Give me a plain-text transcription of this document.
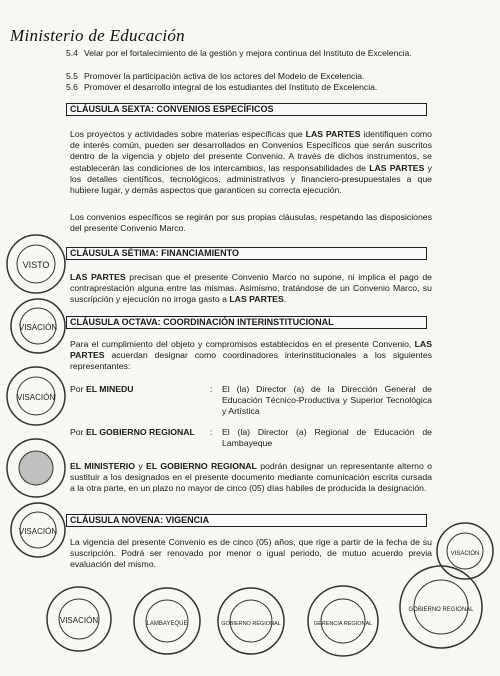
Ministerio de Educación
5.4 Velar por el fortalecimiento de la gestión y mejora continua del Instituto de Excelencia.
5.5 Promover la participación activa de los actores del Modelo de Excelencia.
5.6 Promover el desarrollo integral de los estudiantes del Instituto de Excelencia.
CLÁUSULA SEXTA: CONVENIOS ESPECÍFICOS
Los proyectos y actividades sobre materias específicas que LAS PARTES identifiquen como de interés común, pueden ser desarrollados en Convenios Específicos que serán suscritos dentro de la vigencia y objeto del presente Convenio. A través de dichos instrumentos, se establecerán las condiciones de los intercambios, las responsabilidades de LAS PARTES y los detalles científicos, tecnológicos, administrativos y financiero-presupuestales a que hubiere lugar, y demás aspectos que garanticen su correcta ejecución.
Los convenios específicos se regirán por sus propias cláusulas, respetando las disposiciones del presente Convenio Marco.
CLÁUSULA SÉTIMA: FINANCIAMIENTO
LAS PARTES precisan que el presente Convenio Marco no supone, ni implica el pago de contraprestación alguna entre las mismas. Asimismo, tratándose de un Convenio Marco, su suscripción y ejecución no irroga gasto a LAS PARTES.
CLÁUSULA OCTAVA: COORDINACIÓN INTERINSTITUCIONAL
Para el cumplimiento del objeto y compromisos establecidos en el presente Convenio, LAS PARTES acuerdan designar como coordinadores interinstitucionales a los siguientes representantes:
Por EL MINEDU	: El (la) Director (a) de la Dirección General de Educación Técnico-Productiva y Superior Tecnológica y Artística
Por EL GOBIERNO REGIONAL : El (la) Director (a) Regional de Educación de Lambayeque
EL MINISTERIO y EL GOBIERNO REGIONAL podrán designar un representante alterno o sustituir a los designados en el presente documento mediante comunicación escrita cursada a la otra parte, en un plazo no mayor de cinco (05) días hábiles de producida la designación.
CLÁUSULA NOVENA: VIGENCIA
La vigencia del presente Convenio es de cinco (05) años, que rige a partir de la fecha de su suscripción. Podrá ser renovado por menor o igual periodo, de mutuo acuerdo previa evaluación del mismo.
VISTO
VISACIÓN
VISACIÓN
VISACIÓN
VISACIÓN	LAMBAYEQUE	GOBIERNO REGIONAL	GERENCIA REGIONAL
GOBIERNO REGIONAL
VISACIÓN
